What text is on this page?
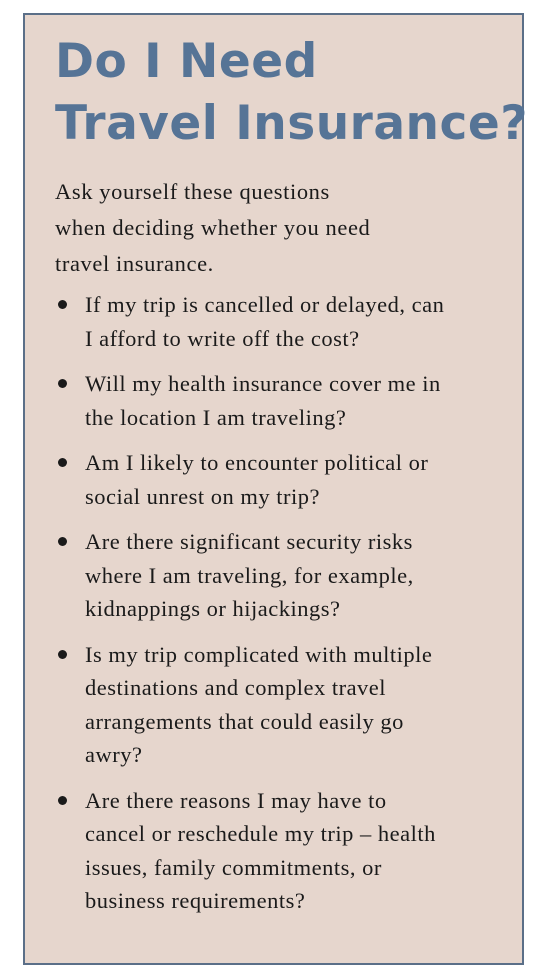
Do I Need
Travel Insurance?

Ask yourself these questions
when deciding whether you need
travel insurance.

If my trip is cancelled or delayed, can
I afford to write off the cost?
Will my health insurance cover me in
the location I am traveling?
Am I likely to encounter political or
social unrest on my trip?
Are there significant security risks
where I am traveling, for example,
kidnappings or hijackings?
Is my trip complicated with multiple
destinations and complex travel
arrangements that could easily go
awry?
Are there reasons I may have to
cancel or reschedule my trip – health
issues, family commitments, or
business requirements?
